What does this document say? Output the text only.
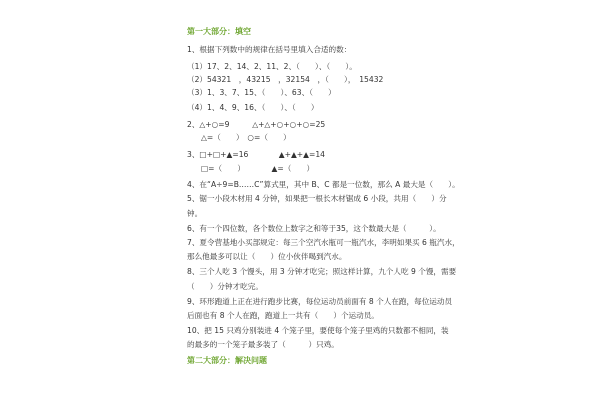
第一大部分：填空
1、根据下列数中的规律在括号里填入合适的数：
（1）17、2、14、2、11、2、（　　）、（　　）。
（2）54321　，43215　，32154　，（　　），　15432
（3）1、3、7、15、（　　）、63、（　　）
（4）1、4、9、16、（　　）、（　　）
2、△+○=9　　　△+△+○+○+○=25
△=（　　）　○=（　　）
3、□+□+▲=16　　　　▲+▲+▲=14
□=（　　）　　　　▲=（　　）
4、在“A÷9=B……C”算式里，其中 B、C 都是一位数，那么 A 最大是（　　）。
5、锯一小段木材用 4 分钟，如果把一根长木材锯成 6 小段，共用（　　）分
钟。
6、有一个四位数，各个数位上数字之和等于35，这个数最大是（　　　）。
7、夏令营基地小买部规定：每三个空汽水瓶可一瓶汽水，李明如果买 6 瓶汽水，
那么他最多可以让（　　）位小伙伴喝到汽水。
8、三个人吃 3 个馒头，用 3 分钟才吃完；照这样计算，九个人吃 9 个馒，需要
（　　）分钟才吃完。
9、环形跑道上正在进行跑步比赛，每位运动员前面有 8 个人在跑，每位运动员
后面也有 8 个人在跑，跑道上一共有（　　）个运动员。
10、把 15 只鸡分别装进 4 个笼子里，要使每个笼子里鸡的只数都不相同，装
的最多的一个笼子最多装了（　　　）只鸡。
第二大部分：解决问题
